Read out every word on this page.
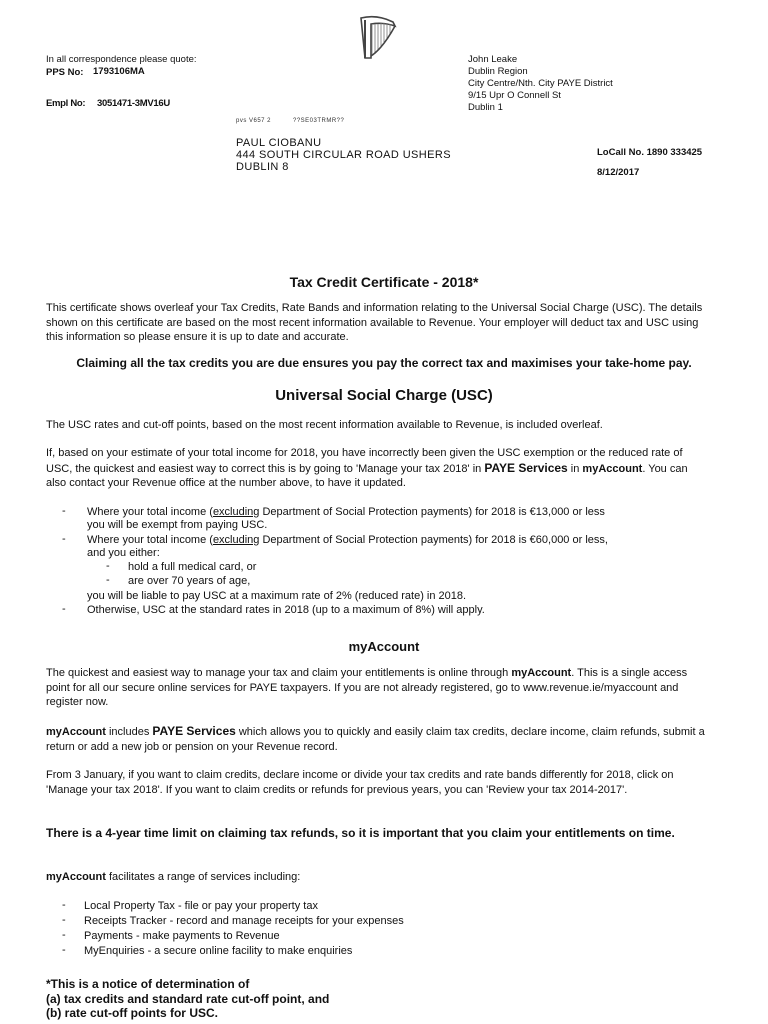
In all correspondence please quote:
PPS No: 1793106MA
Empl No: 3051471-3MV16U
John Leake
Dublin Region
City Centre/Nth. City PAYE District
9/15 Upr O Connell St
Dublin 1
pvs V657 2	??SE03TRMR??
PAUL CIOBANU
444 SOUTH CIRCULAR ROAD USHERS
DUBLIN 8
LoCall No. 1890 333425
8/12/2017
Tax Credit Certificate - 2018*
This certificate shows overleaf your Tax Credits, Rate Bands and information relating to the Universal Social Charge (USC). The details shown on this certificate are based on the most recent information available to Revenue. Your employer will deduct tax and USC using this information so please ensure it is up to date and accurate.
Claiming all the tax credits you are due ensures you pay the correct tax and maximises your take-home pay.
Universal Social Charge (USC)
The USC rates and cut-off points, based on the most recent information available to Revenue, is included overleaf.
If, based on your estimate of your total income for 2018, you have incorrectly been given the USC exemption or the reduced rate of USC, the quickest and easiest way to correct this is by going to 'Manage your tax 2018' in PAYE Services in myAccount. You can also contact your Revenue office at the number above, to have it updated.
- Where your total income (excluding Department of Social Protection payments) for 2018 is €13,000 or less
you will be exempt from paying USC.
- Where your total income (excluding Department of Social Protection payments) for 2018 is €60,000 or less,
and you either:
- hold a full medical card, or
- are over 70 years of age,
you will be liable to pay USC at a maximum rate of 2% (reduced rate) in 2018.
- Otherwise, USC at the standard rates in 2018 (up to a maximum of 8%) will apply.
myAccount
The quickest and easiest way to manage your tax and claim your entitlements is online through myAccount. This is a single access point for all our secure online services for PAYE taxpayers. If you are not already registered, go to www.revenue.ie/myaccount and register now.
myAccount includes PAYE Services which allows you to quickly and easily claim tax credits, declare income, claim refunds, submit a return or add a new job or pension on your Revenue record.
From 3 January, if you want to claim credits, declare income or divide your tax credits and rate bands differently for 2018, click on 'Manage your tax 2018'. If you want to claim credits or refunds for previous years, you can 'Review your tax 2014-2017'.
There is a 4-year time limit on claiming tax refunds, so it is important that you claim your entitlements on time.
myAccount facilitates a range of services including:
- Local Property Tax - file or pay your property tax
- Receipts Tracker - record and manage receipts for your expenses
- Payments - make payments to Revenue
- MyEnquiries - a secure online facility to make enquiries
*This is a notice of determination of
(a) tax credits and standard rate cut-off point, and
(b) rate cut-off points for USC.
